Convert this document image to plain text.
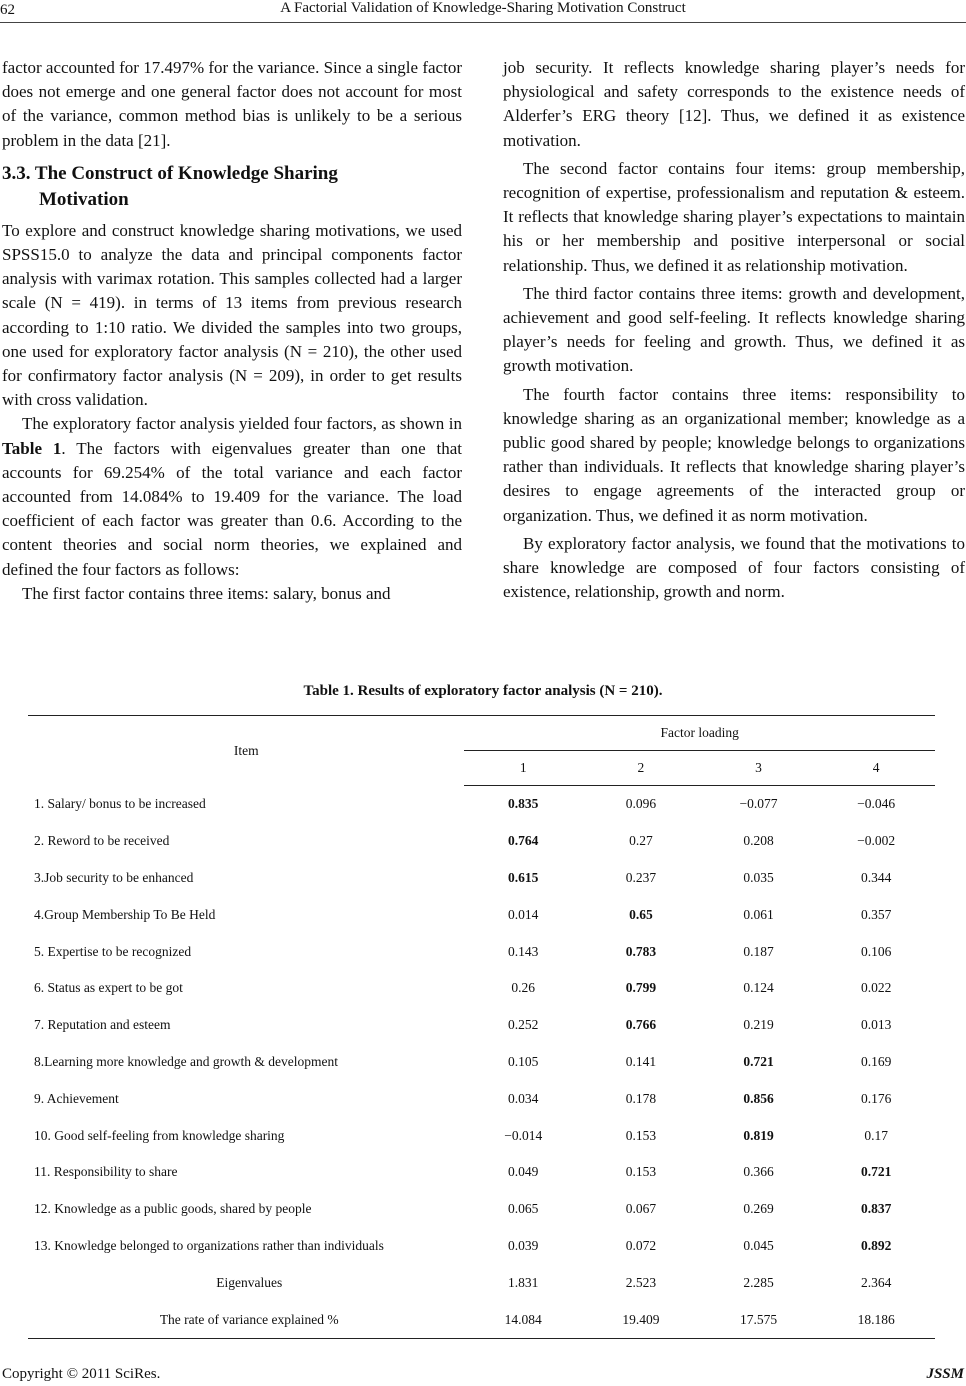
62	A Factorial Validation of Knowledge-Sharing Motivation Construct

factor accounted for 17.497% for the variance. Since a single factor does not emerge and one general factor does not account for most of the variance, common method bias is unlikely to be a serious problem in the data [21].

3.3. The Construct of Knowledge Sharing
Motivation

To explore and construct knowledge sharing motivations, we used SPSS15.0 to analyze the data and principal components factor analysis with varimax rotation. This samples collected had a larger scale (N = 419). in terms of 13 items from previous research according to 1:10 ratio. We divided the samples into two groups, one used for exploratory factor analysis (N = 210), the other used for confirmatory factor analysis (N = 209), in order to get results with cross validation.

The exploratory factor analysis yielded four factors, as shown in Table 1. The factors with eigenvalues greater than one that accounts for 69.254% of the total variance and each factor accounted from 14.084% to 19.409 for the variance. The load coefficient of each factor was greater than 0.6. According to the content theories and social norm theories, we explained and defined the four factors as follows:

The first factor contains three items: salary, bonus and

job security. It reflects knowledge sharing player’s needs for physiological and safety corresponds to the existence needs of Alderfer’s ERG theory [12]. Thus, we defined it as existence motivation.

The second factor contains four items: group membership, recognition of expertise, professionalism and reputation & esteem. It reflects that knowledge sharing player’s expectations to maintain his or her membership and positive interpersonal or social relationship. Thus, we defined it as relationship motivation.

The third factor contains three items: growth and development, achievement and good self-feeling. It reflects knowledge sharing player’s needs for feeling and growth. Thus, we defined it as growth motivation.

The fourth factor contains three items: responsibility to knowledge sharing as an organizational member; knowledge as a public good shared by people; knowledge belongs to organizations rather than individuals. It reflects that knowledge sharing player’s desires to engage agreements of the interacted group or organization. Thus, we defined it as norm motivation.

By exploratory factor analysis, we found that the motivations to share knowledge are composed of four factors consisting of existence, relationship, growth and norm.

Table 1. Results of exploratory factor analysis (N = 210).
Item	Factor loading			
	1	2	3	4
1. Salary/ bonus to be increased	0.835	0.096	−0.077	−0.046
2. Reword to be received	0.764	0.27	0.208	−0.002
3.Job security to be enhanced	0.615	0.237	0.035	0.344
4.Group Membership To Be Held	0.014	0.65	0.061	0.357
5. Expertise to be recognized	0.143	0.783	0.187	0.106
6. Status as expert to be got	0.26	0.799	0.124	0.022
7. Reputation and esteem	0.252	0.766	0.219	0.013
8.Learning more knowledge and growth & development	0.105	0.141	0.721	0.169
9. Achievement	0.034	0.178	0.856	0.176
10. Good self-feeling from knowledge sharing	−0.014	0.153	0.819	0.17
11. Responsibility to share	0.049	0.153	0.366	0.721
12. Knowledge as a public goods, shared by people	0.065	0.067	0.269	0.837
13. Knowledge belonged to organizations rather than individuals	0.039	0.072	0.045	0.892
Eigenvalues	1.831	2.523	2.285	2.364
The rate of variance explained %	14.084	19.409	17.575	18.186
Copyright © 2011 SciRes.	JSSM
